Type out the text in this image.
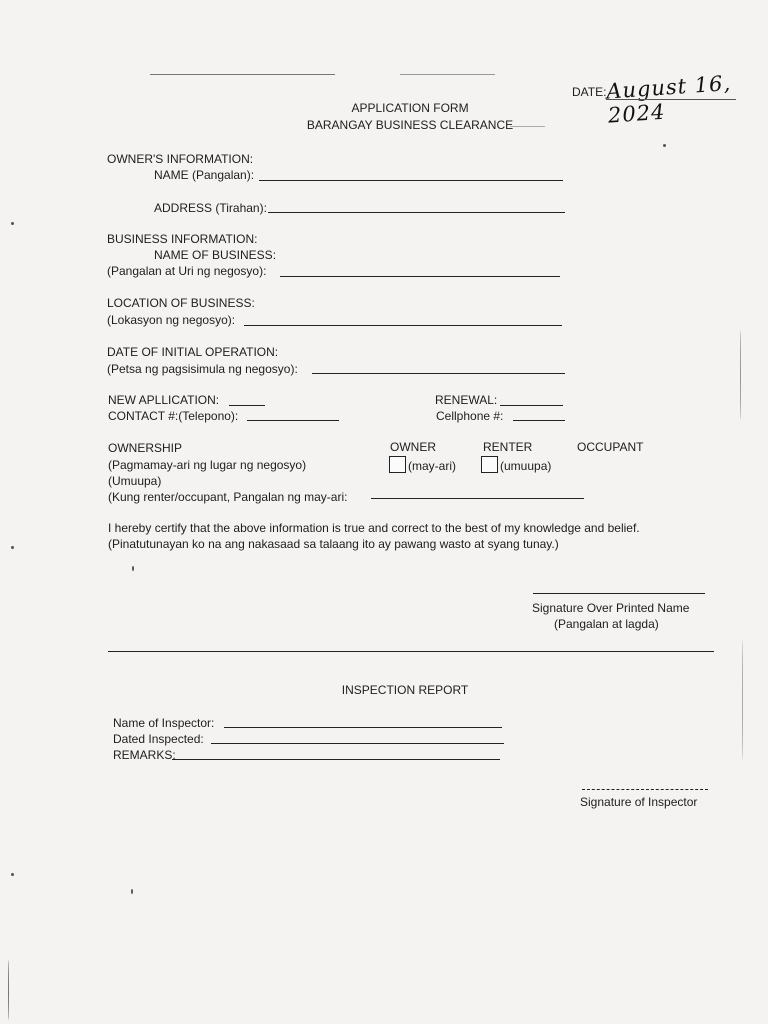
DATE: August 16, 2024
APPLICATION FORM
BARANGAY BUSINESS CLEARANCE
OWNER'S INFORMATION:
NAME (Pangalan):
ADDRESS (Tirahan):
BUSINESS INFORMATION:
NAME OF BUSINESS:
(Pangalan at Uri ng negosyo):
LOCATION OF BUSINESS:
(Lokasyon ng negosyo):
DATE OF INITIAL OPERATION:
(Petsa ng pagsisimula ng negosyo):
NEW APLLICATION:	RENEWAL:
CONTACT #:(Telepono):	Cellphone #:
OWNERSHIP
(Pagmamay-ari ng lugar ng negosyo)
(Umuupa)
(Kung renter/occupant, Pangalan ng may-ari:
OWNER	RENTER	OCCUPANT
(may-ari)	(umuupa)
I hereby certify that the above information is true and correct to the best of my knowledge and belief.
(Pinatutunayan ko na ang nakasaad sa talaang ito ay pawang wasto at syang tunay.)
Signature Over Printed Name
(Pangalan at lagda)
INSPECTION REPORT
Name of Inspector:
Dated Inspected:
REMARKS:
Signature of Inspector
